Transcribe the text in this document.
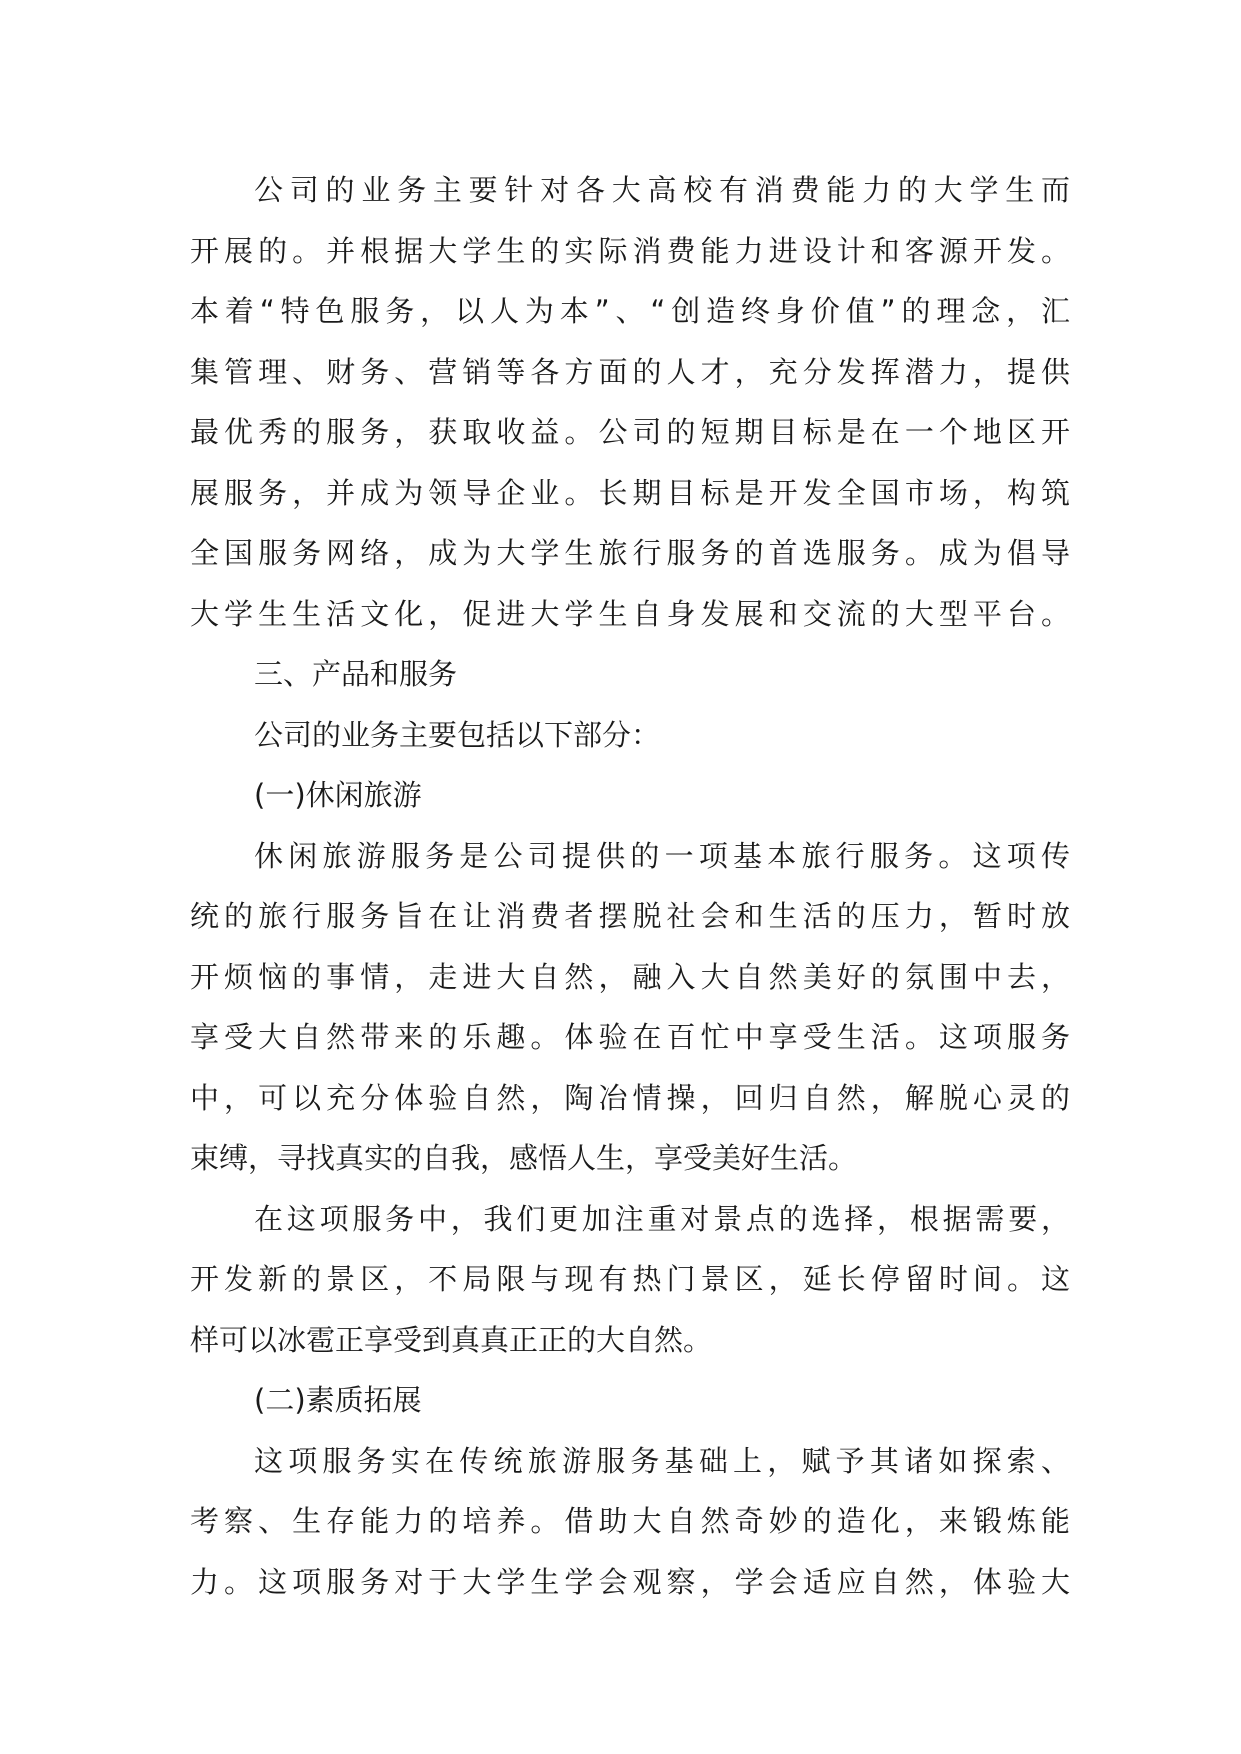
公司的业务主要针对各大高校有消费能力的大学生而
开展的。并根据大学生的实际消费能力进设计和客源开发。
本着“特色服务，以人为本”、“创造终身价值”的理念，汇
集管理、财务、营销等各方面的人才，充分发挥潜力，提供
最优秀的服务，获取收益。公司的短期目标是在一个地区开
展服务，并成为领导企业。长期目标是开发全国市场，构筑
全国服务网络，成为大学生旅行服务的首选服务。成为倡导
大学生生活文化，促进大学生自身发展和交流的大型平台。
三、产品和服务
公司的业务主要包括以下部分：
(一)休闲旅游
休闲旅游服务是公司提供的一项基本旅行服务。这项传
统的旅行服务旨在让消费者摆脱社会和生活的压力，暂时放
开烦恼的事情，走进大自然，融入大自然美好的氛围中去，
享受大自然带来的乐趣。体验在百忙中享受生活。这项服务
中，可以充分体验自然，陶冶情操，回归自然，解脱心灵的
束缚，寻找真实的自我，感悟人生，享受美好生活。
在这项服务中，我们更加注重对景点的选择，根据需要，
开发新的景区，不局限与现有热门景区，延长停留时间。这
样可以冰雹正享受到真真正正的大自然。
(二)素质拓展
这项服务实在传统旅游服务基础上，赋予其诸如探索、
考察、生存能力的培养。借助大自然奇妙的造化，来锻炼能
力。这项服务对于大学生学会观察，学会适应自然，体验大
